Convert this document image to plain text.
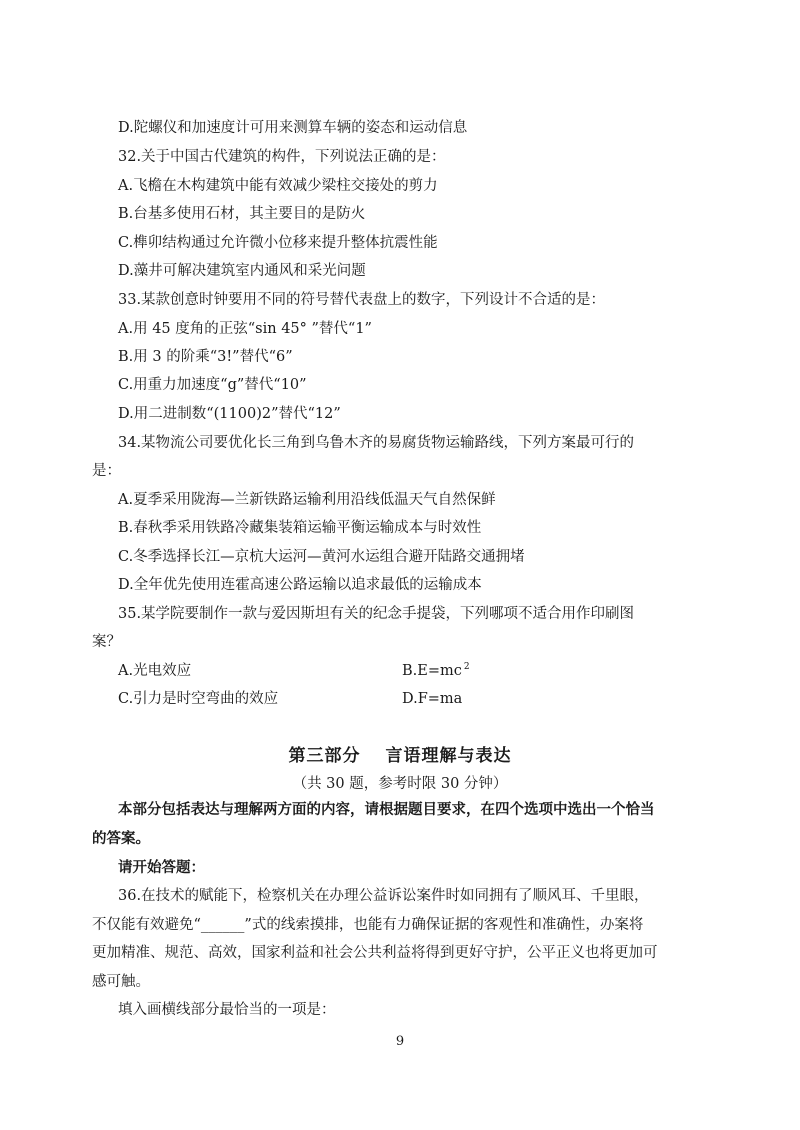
D.陀螺仪和加速度计可用来测算车辆的姿态和运动信息
32.关于中国古代建筑的构件，下列说法正确的是：
A.飞檐在木构建筑中能有效减少梁柱交接处的剪力
B.台基多使用石材，其主要目的是防火
C.榫卯结构通过允许微小位移来提升整体抗震性能
D.藻井可解决建筑室内通风和采光问题
33.某款创意时钟要用不同的符号替代表盘上的数字，下列设计不合适的是：
A.用 45 度角的正弦“sin 45° ”替代“1”
B.用 3 的阶乘“3!”替代“6”
C.用重力加速度“g”替代“10”
D.用二进制数“(1100)2”替代“12”
34.某物流公司要优化长三角到乌鲁木齐的易腐货物运输路线，下列方案最可行的
是：
A.夏季采用陇海—兰新铁路运输利用沿线低温天气自然保鲜
B.春秋季采用铁路冷藏集装箱运输平衡运输成本与时效性
C.冬季选择长江—京杭大运河—黄河水运组合避开陆路交通拥堵
D.全年优先使用连霍高速公路运输以追求最低的运输成本
35.某学院要制作一款与爱因斯坦有关的纪念手提袋，下列哪项不适合用作印刷图
案？
A.光电效应	B.E=mc $^2$
C.引力是时空弯曲的效应	D.F=ma
第三部分　 言语理解与表达
（共 30 题，参考时限 30 分钟）
本部分包括表达与理解两方面的内容，请根据题目要求，在四个选项中选出一个恰当
的答案。
请开始答题：
36.在技术的赋能下，检察机关在办理公益诉讼案件时如同拥有了顺风耳、千里眼，
不仅能有效避免“______”式的线索摸排，也能有力确保证据的客观性和准确性，办案将
更加精准、规范、高效，国家利益和社会公共利益将得到更好守护，公平正义也将更加可
感可触。
填入画横线部分最恰当的一项是：
9
